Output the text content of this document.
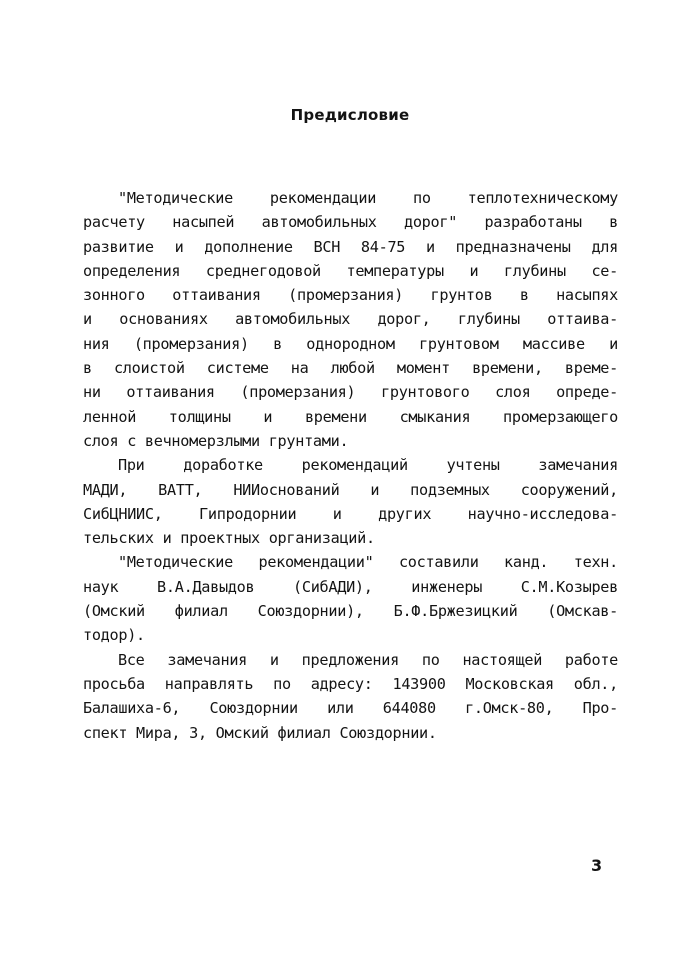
Предисловие
"Методические рекомендации по теплотехническому
расчету насыпей автомобильных дорог" разработаны в
развитие и дополнение ВСН 84-75 и предназначены для
определения среднегодовой температуры и глубины се-
зонного оттаивания (промерзания) грунтов в насыпях
и основаниях автомобильных дорог, глубины оттаива-
ния (промерзания) в однородном грунтовом массиве и
в слоистой системе на любой момент времени, време-
ни оттаивания (промерзания) грунтового слоя опреде-
ленной толщины и времени смыкания промерзающего
слоя с вечномерзлыми грунтами.
При доработке рекомендаций учтены замечания
МАДИ, ВАТТ, НИИоснований и подземных сооружений,
СибЦНИИС, Гипродорнии и других научно-исследова-
тельских и проектных организаций.
"Методические рекомендации" составили канд. техн.
наук В.А.Давыдов (СибАДИ), инженеры С.М.Козырев
(Омский филиал Союздорнии), Б.Ф.Бржезицкий (Омскав-
тодор).
Все замечания и предложения по настоящей работе
просьба направлять по адресу: 143900 Московская обл.,
Балашиха-6, Союздорнии или 644080 г.Омск-80, Про-
спект Мира, 3, Омский филиал Союздорнии.
3
